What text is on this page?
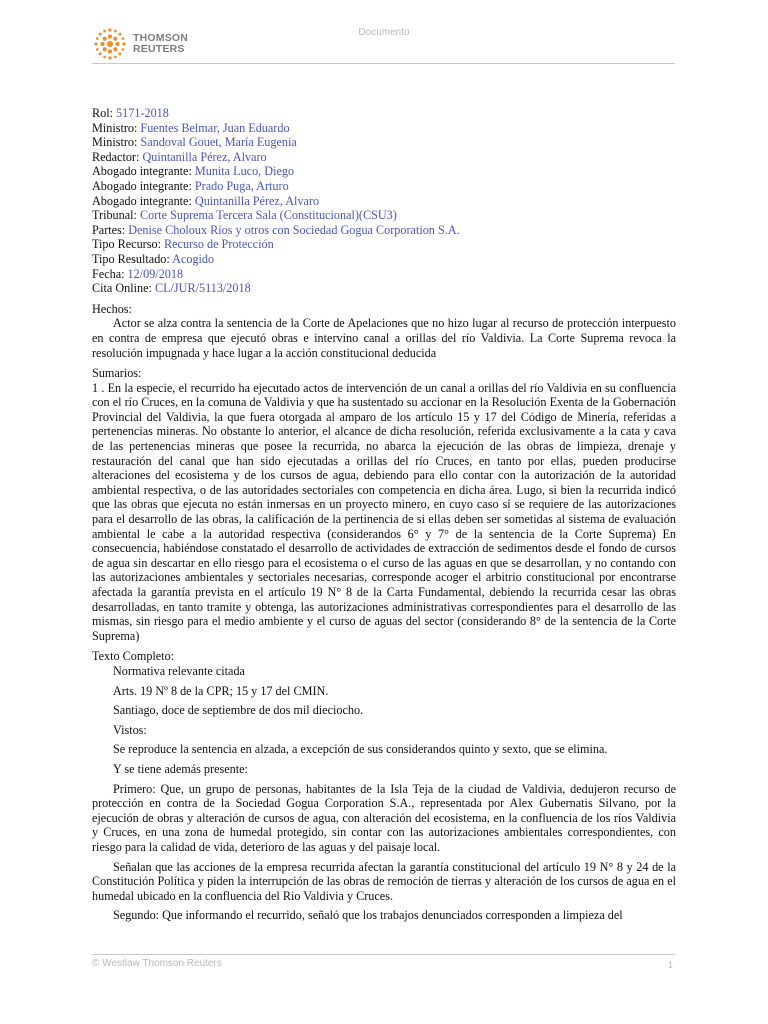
THOMSON
REUTERS
Documento
Rol: 5171-2018
Ministro: Fuentes Belmar, Juan Eduardo
Ministro: Sandoval Gouet, María Eugenia
Redactor: Quintanilla Pérez, Alvaro
Abogado integrante: Munita Luco, Diego
Abogado integrante: Prado Puga, Arturo
Abogado integrante: Quintanilla Pérez, Alvaro
Tribunal: Corte Suprema Tercera Sala (Constitucional)(CSU3)
Partes: Denise Choloux Ríos y otros con Sociedad Gogua Corporation S.A.
Tipo Recurso: Recurso de Protección
Tipo Resultado: Acogido
Fecha: 12/09/2018
Cita Online: CL/JUR/5113/2018
Hechos:
Actor se alza contra la sentencia de la Corte de Apelaciones que no hizo lugar al recurso de protección interpuesto en contra de empresa que ejecutó obras e intervino canal a orillas del río Valdivia. La Corte Suprema revoca la resolución impugnada y hace lugar a la acción constitucional deducida
Sumarios:
1 . En la especie, el recurrido ha ejecutado actos de intervención de un canal a orillas del río Valdivia en su confluencia con el río Cruces, en la comuna de Valdivia y que ha sustentado su accionar en la Resolución Exenta de la Gobernación Provincial del Valdivia, la que fuera otorgada al amparo de los artículo 15 y 17 del Código de Minería, referidas a pertenencias mineras. No obstante lo anterior, el alcance de dicha resolución, referida exclusivamente a la cata y cava de las pertenencias mineras que posee la recurrida, no abarca la ejecución de las obras de limpieza, drenaje y restauración del canal que han sido ejecutadas a orillas del río Cruces, en tanto por ellas, pueden producirse alteraciones del ecosistema y de los cursos de agua, debiendo para ello contar con la autorización de la autoridad ambiental respectiva, o de las autoridades sectoriales con competencia en dicha área. Lugo, si bien la recurrida indicó que las obras que ejecuta no están inmersas en un proyecto minero, en cuyo caso sí se requiere de las autorizaciones para el desarrollo de las obras, la calificación de la pertinencia de si ellas deben ser sometidas al sistema de evaluación ambiental le cabe a la autoridad respectiva (considerandos 6° y 7° de la sentencia de la Corte Suprema) En consecuencia, habiéndose constatado el desarrollo de actividades de extracción de sedimentos desde el fondo de cursos de agua sin descartar en ello riesgo para el ecosistema o el curso de las aguas en que se desarrollan, y no contando con las autorizaciones ambientales y sectoriales necesarias, corresponde acoger el arbitrio constitucional por encontrarse afectada la garantía prevista en el artículo 19 N° 8 de la Carta Fundamental, debiendo la recurrida cesar las obras desarrolladas, en tanto tramite y obtenga, las autorizaciones administrativas correspondientes para el desarrollo de las mismas, sin riesgo para el medio ambiente y el curso de aguas del sector (considerando 8° de la sentencia de la Corte Suprema)
Texto Completo:
Normativa relevante citada
Arts. 19 Nº 8 de la CPR; 15 y 17 del CMIN.
Santiago, doce de septiembre de dos mil dieciocho.
Vistos:
Se reproduce la sentencia en alzada, a excepción de sus considerandos quinto y sexto, que se elimina.
Y se tiene además presente:
Primero: Que, un grupo de personas, habitantes de la Isla Teja de la ciudad de Valdivia, dedujeron recurso de protección en contra de la Sociedad Gogua Corporation S.A., representada por Alex Gubernatis Silvano, por la ejecución de obras y alteración de cursos de agua, con alteración del ecosistema, en la confluencia de los ríos Valdivia y Cruces, en una zona de humedal protegido, sin contar con las autorizaciones ambientales correspondientes, con riesgo para la calidad de vida, deterioro de las aguas y del paisaje local.
Señalan que las acciones de la empresa recurrida afectan la garantía constitucional del artículo 19 N° 8 y 24 de la Constitución Política y piden la interrupción de las obras de remoción de tierras y alteración de los cursos de agua en el humedal ubicado en la confluencia del Rio Valdivia y Cruces.
Segundo: Que informando el recurrido, señaló que los trabajos denunciados corresponden a limpieza del
© Westlaw Thomson Reuters	1
